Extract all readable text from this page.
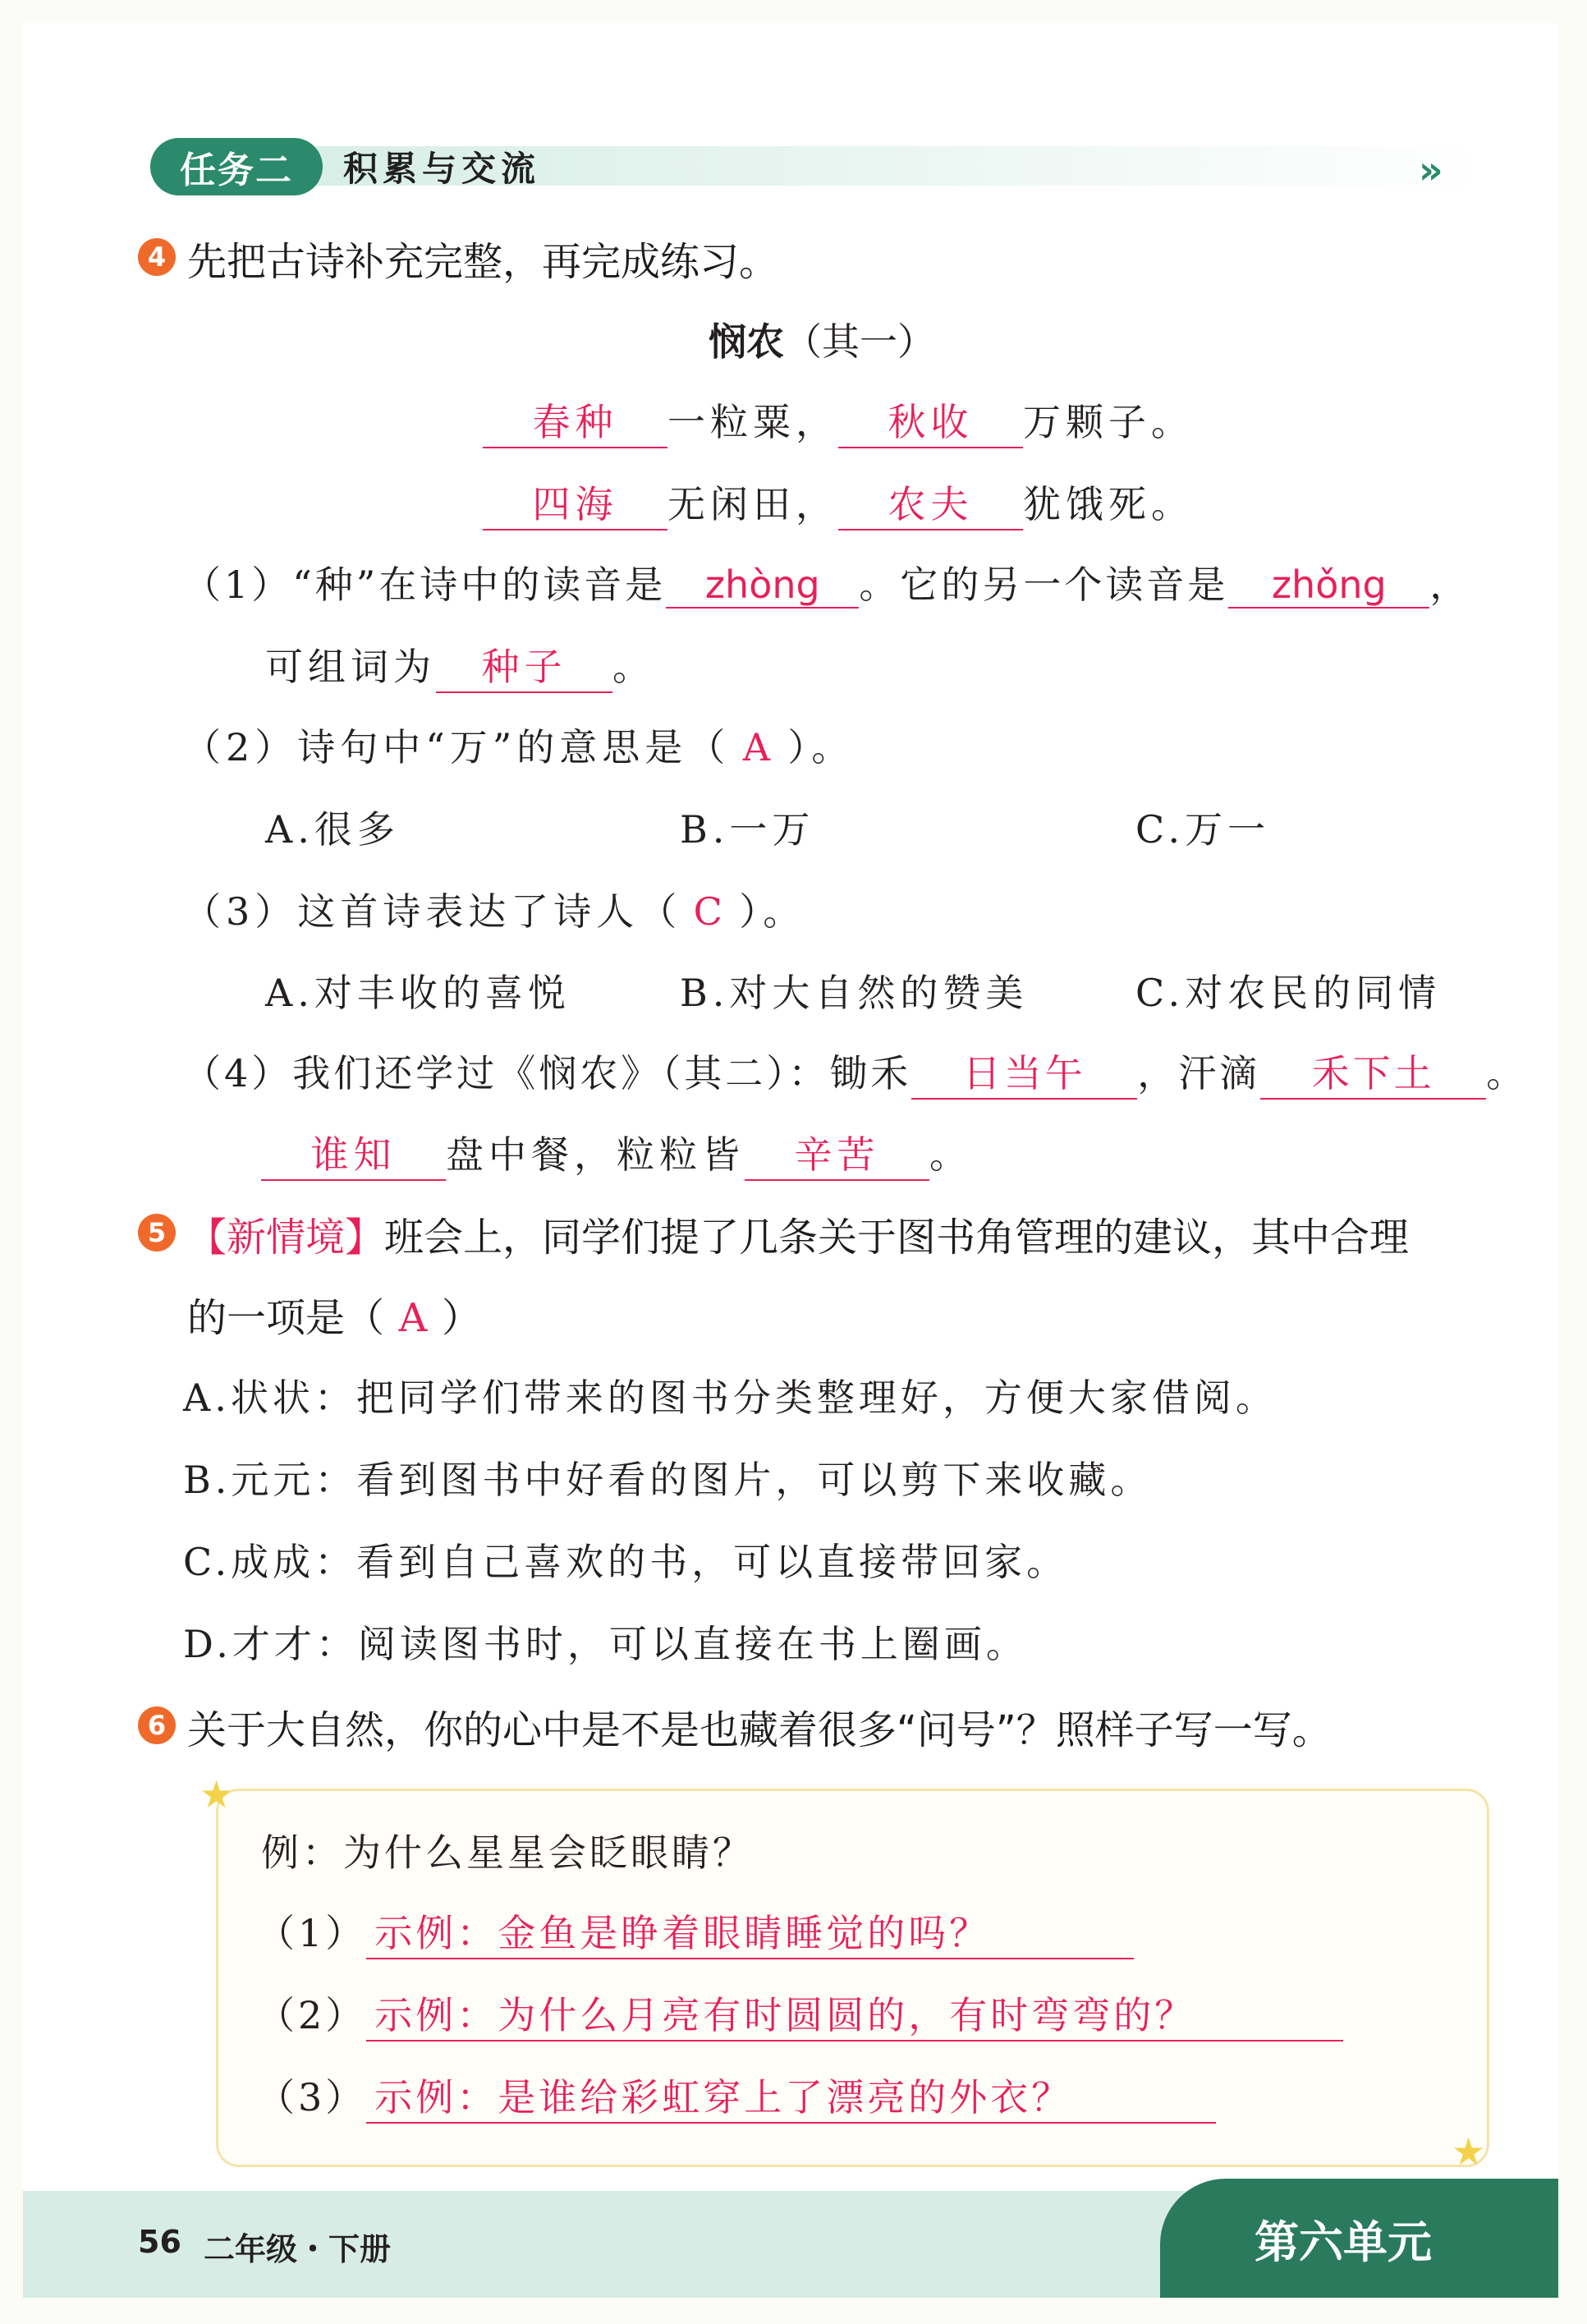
任务二	积累与交流	»
4 先把古诗补充完整，再完成练习。
悯农（其一）
春种 一粒粟， 秋收 万颗子。
四海 无闲田， 农夫 犹饿死。
（1）“种”在诗中的读音是 zhòng 。它的另一个读音是 zhǒng ，
可组词为 种子 。
（2）诗句中“万”的意思是（ A ）。
A.很多	B.一万	C.万一
（3）这首诗表达了诗人（ C ）。
A.对丰收的喜悦	B.对大自然的赞美	C.对农民的同情
（4）我们还学过《悯农》（其二）：锄禾 日当午 ，汗滴 禾下土 。
谁知 盘中餐，粒粒皆 辛苦 。
5 【新情境】班会上，同学们提了几条关于图书角管理的建议，其中合理
的一项是（ A ）
A.状状：把同学们带来的图书分类整理好，方便大家借阅。
B.元元：看到图书中好看的图片，可以剪下来收藏。
C.成成：看到自己喜欢的书，可以直接带回家。
D.才才：阅读图书时，可以直接在书上圈画。
6 关于大自然，你的心中是不是也藏着很多“问号”？照样子写一写。
★
★
例：为什么星星会眨眼睛？
（1） 示例：金鱼是睁着眼睛睡觉的吗？
（2） 示例：为什么月亮有时圆圆的，有时弯弯的？
（3） 示例：是谁给彩虹穿上了漂亮的外衣？
56 二年级・下册	第六单元
